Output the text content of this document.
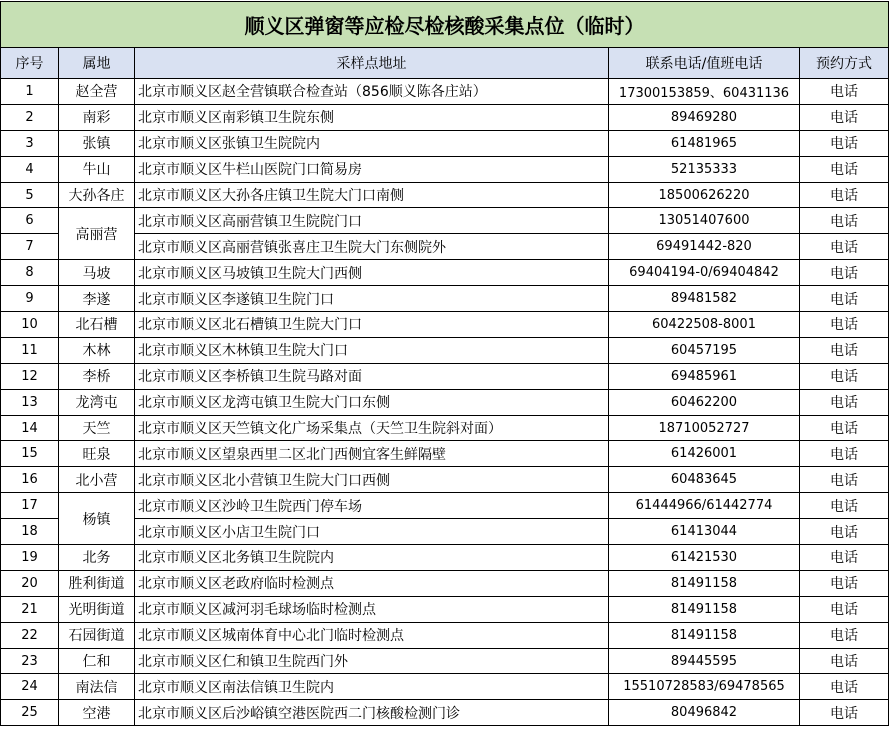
顺义区弹窗等应检尽检核酸采集点位（临时）				
序号	属地	采样点地址	联系电话/值班电话	预约方式
1	赵全营	北京市顺义区赵全营镇联合检查站（856顺义陈各庄站）	17300153859、60431136	电话
2	南彩	北京市顺义区南彩镇卫生院东侧	89469280	电话
3	张镇	北京市顺义区张镇卫生院院内	61481965	电话
4	牛山	北京市顺义区牛栏山医院门口简易房	52135333	电话
5	大孙各庄	北京市顺义区大孙各庄镇卫生院大门口南侧	18500626220	电话
6	高丽营	北京市顺义区高丽营镇卫生院院门口	13051407600	电话
7		北京市顺义区高丽营镇张喜庄卫生院大门东侧院外	69491442-820	电话
8	马坡	北京市顺义区马坡镇卫生院大门西侧	69404194-0/69404842	电话
9	李遂	北京市顺义区李遂镇卫生院门口	89481582	电话
10	北石槽	北京市顺义区北石槽镇卫生院大门口	60422508-8001	电话
11	木林	北京市顺义区木林镇卫生院大门口	60457195	电话
12	李桥	北京市顺义区李桥镇卫生院马路对面	69485961	电话
13	龙湾屯	北京市顺义区龙湾屯镇卫生院大门口东侧	60462200	电话
14	天竺	北京市顺义区天竺镇文化广场采集点（天竺卫生院斜对面）	18710052727	电话
15	旺泉	北京市顺义区望泉西里二区北门西侧宜客生鲜隔壁	61426001	电话
16	北小营	北京市顺义区北小营镇卫生院大门口西侧	60483645	电话
17	杨镇	北京市顺义区沙岭卫生院西门停车场	61444966/61442774	电话
18		北京市顺义区小店卫生院门口	61413044	电话
19	北务	北京市顺义区北务镇卫生院院内	61421530	电话
20	胜利街道	北京市顺义区老政府临时检测点	81491158	电话
21	光明街道	北京市顺义区减河羽毛球场临时检测点	81491158	电话
22	石园街道	北京市顺义区城南体育中心北门临时检测点	81491158	电话
23	仁和	北京市顺义区仁和镇卫生院西门外	89445595	电话
24	南法信	北京市顺义区南法信镇卫生院内	15510728583/69478565	电话
25	空港	北京市顺义区后沙峪镇空港医院西二门核酸检测门诊	80496842	电话
